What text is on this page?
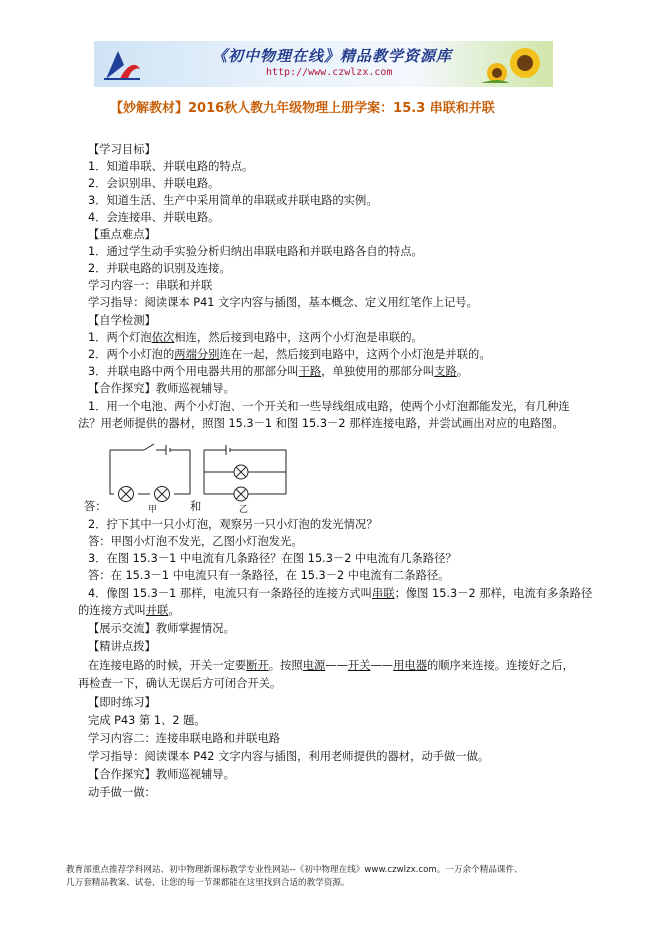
《初中物理在线》精品教学资源库
http://www.czwlzx.com
【妙解教材】2016秋人教九年级物理上册学案：15.3 串联和并联
【学习目标】
1．知道串联、并联电路的特点。
2．会识别串、并联电路。
3．知道生活、生产中采用简单的串联或并联电路的实例。
4．会连接串、并联电路。
【重点难点】
1．通过学生动手实验分析归纳出串联电路和并联电路各自的特点。
2．并联电路的识别及连接。
学习内容一：串联和并联
学习指导：阅读课本 P41 文字内容与插图，基本概念、定义用红笔作上记号。
【自学检测】
1．两个灯泡依次相连，然后接到电路中，这两个小灯泡是串联的。
2．两个小灯泡的两端分别连在一起，然后接到电路中，这两个小灯泡是并联的。
3．并联电路中两个用电器共用的那部分叫干路，单独使用的那部分叫支路。
【合作探究】教师巡视辅导。
1．用一个电池、两个小灯泡、一个开关和一些导线组成电路，使两个小灯泡都能发光，有几种连
法？用老师提供的器材，照图 15.3－1 和图 15.3－2 那样连接电路，并尝试画出对应的电路图。
答：	和
2．拧下其中一只小灯泡，观察另一只小灯泡的发光情况？
答：甲图小灯泡不发光，乙图小灯泡发光。
3．在图 15.3－1 中电流有几条路径？在图 15.3－2 中电流有几条路径？
答：在 15.3－1 中电流只有一条路径，在 15.3－2 中电流有二条路径。
4．像图 15.3－1 那样，电流只有一条路径的连接方式叫串联；像图 15.3－2 那样，电流有多条路径
的连接方式叫并联。
【展示交流】教师掌握情况。
【精讲点拨】
在连接电路的时候，开关一定要断开。按照电源——开关——用电器的顺序来连接。连接好之后，
再检查一下，确认无误后方可闭合开关。
【即时练习】
完成 P43 第 1、2 题。
学习内容二：连接串联电路和并联电路
学习指导：阅读课本 P42 文字内容与插图，利用老师提供的器材，动手做一做。
【合作探究】教师巡视辅导。
动手做一做：
甲	乙
教育部重点推荐学科网站、初中物理新课标教学专业性网站--《初中物理在线》www.czwlzx.com。一万余个精品课件、
几万套精品教案、试卷，让您的每一节课都能在这里找到合适的教学资源。
